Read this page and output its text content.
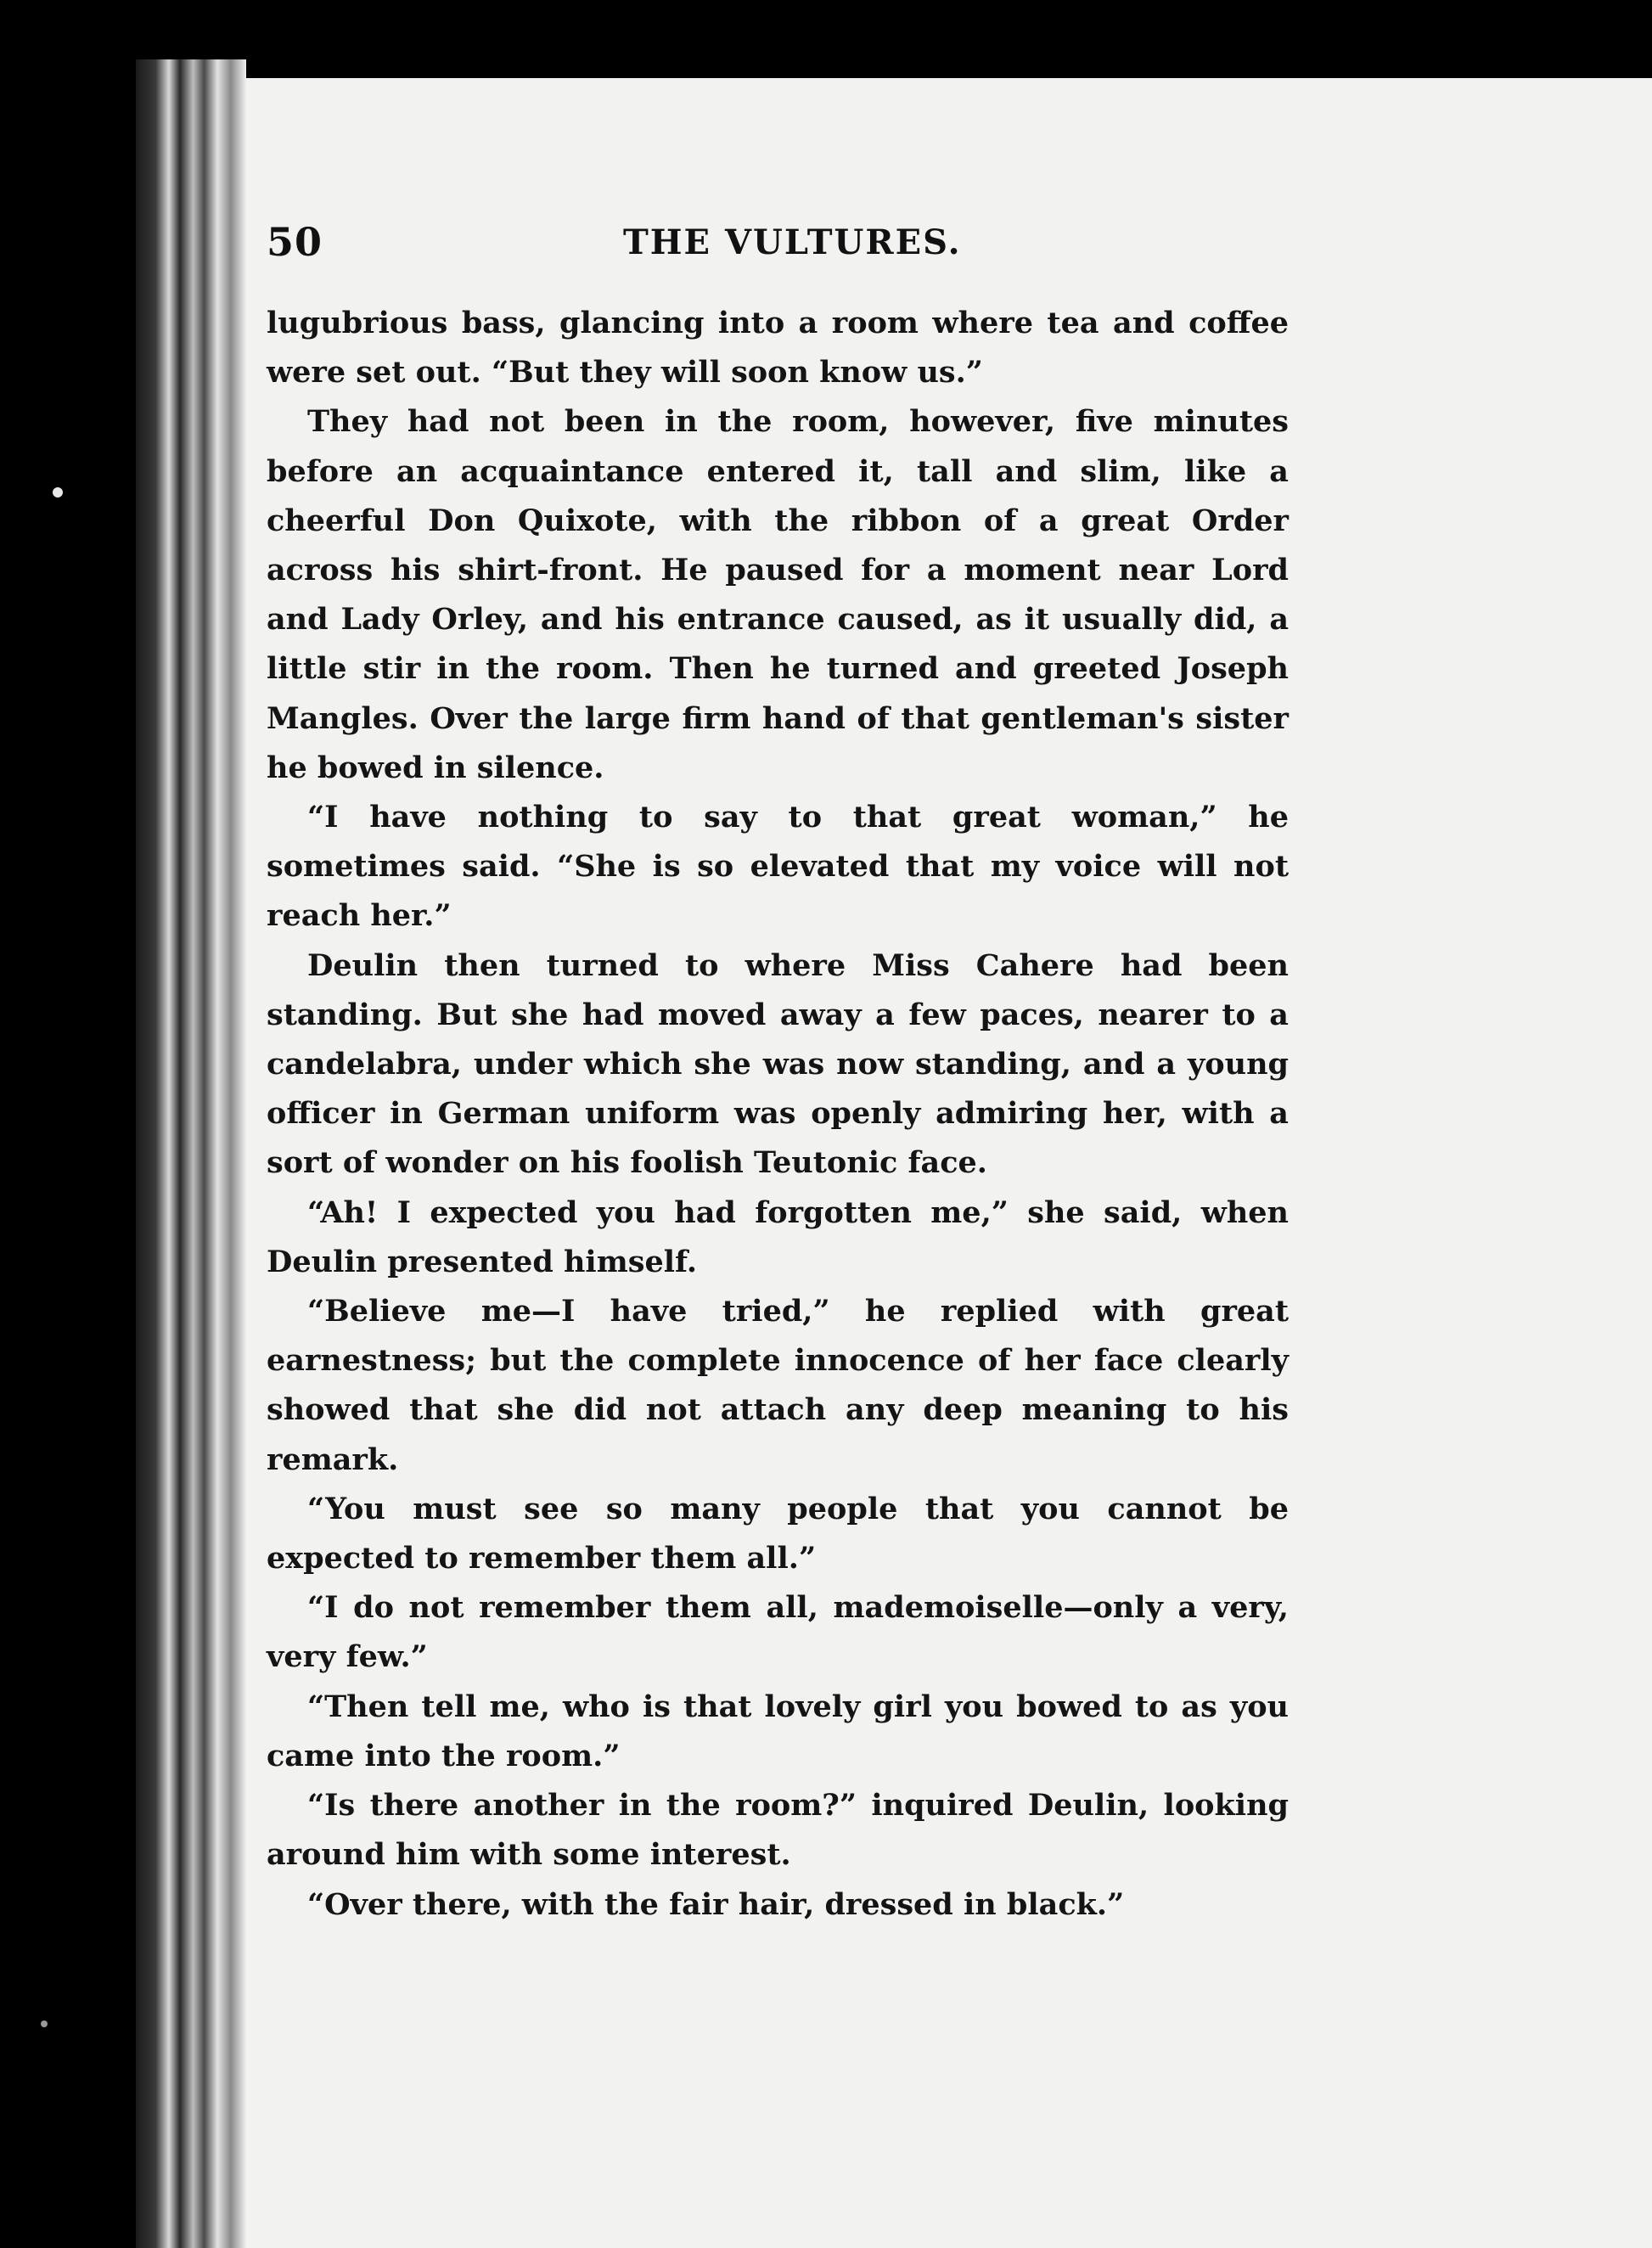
50	THE VULTURES.

lugubrious bass, glancing into a room where tea and coffee were set out. “But they will soon know us.”

They had not been in the room, however, five minutes before an acquaintance entered it, tall and slim, like a cheerful Don Quixote, with the ribbon of a great Order across his shirt-front. He paused for a moment near Lord and Lady Orley, and his entrance caused, as it usually did, a little stir in the room. Then he turned and greeted Joseph Mangles. Over the large firm hand of that gentleman's sister he bowed in silence.

“I have nothing to say to that great woman,” he sometimes said. “She is so elevated that my voice will not reach her.”

Deulin then turned to where Miss Cahere had been standing. But she had moved away a few paces, nearer to a candelabra, under which she was now standing, and a young officer in German uniform was openly admiring her, with a sort of wonder on his foolish Teutonic face.

“Ah! I expected you had forgotten me,” she said, when Deulin presented himself.

“Believe me—I have tried,” he replied with great earnestness; but the complete innocence of her face clearly showed that she did not attach any deep meaning to his remark.

“You must see so many people that you cannot be expected to remember them all.”

“I do not remember them all, mademoiselle—only a very, very few.”

“Then tell me, who is that lovely girl you bowed to as you came into the room.”

“Is there another in the room?” inquired Deulin, looking around him with some interest.

“Over there, with the fair hair, dressed in black.”
